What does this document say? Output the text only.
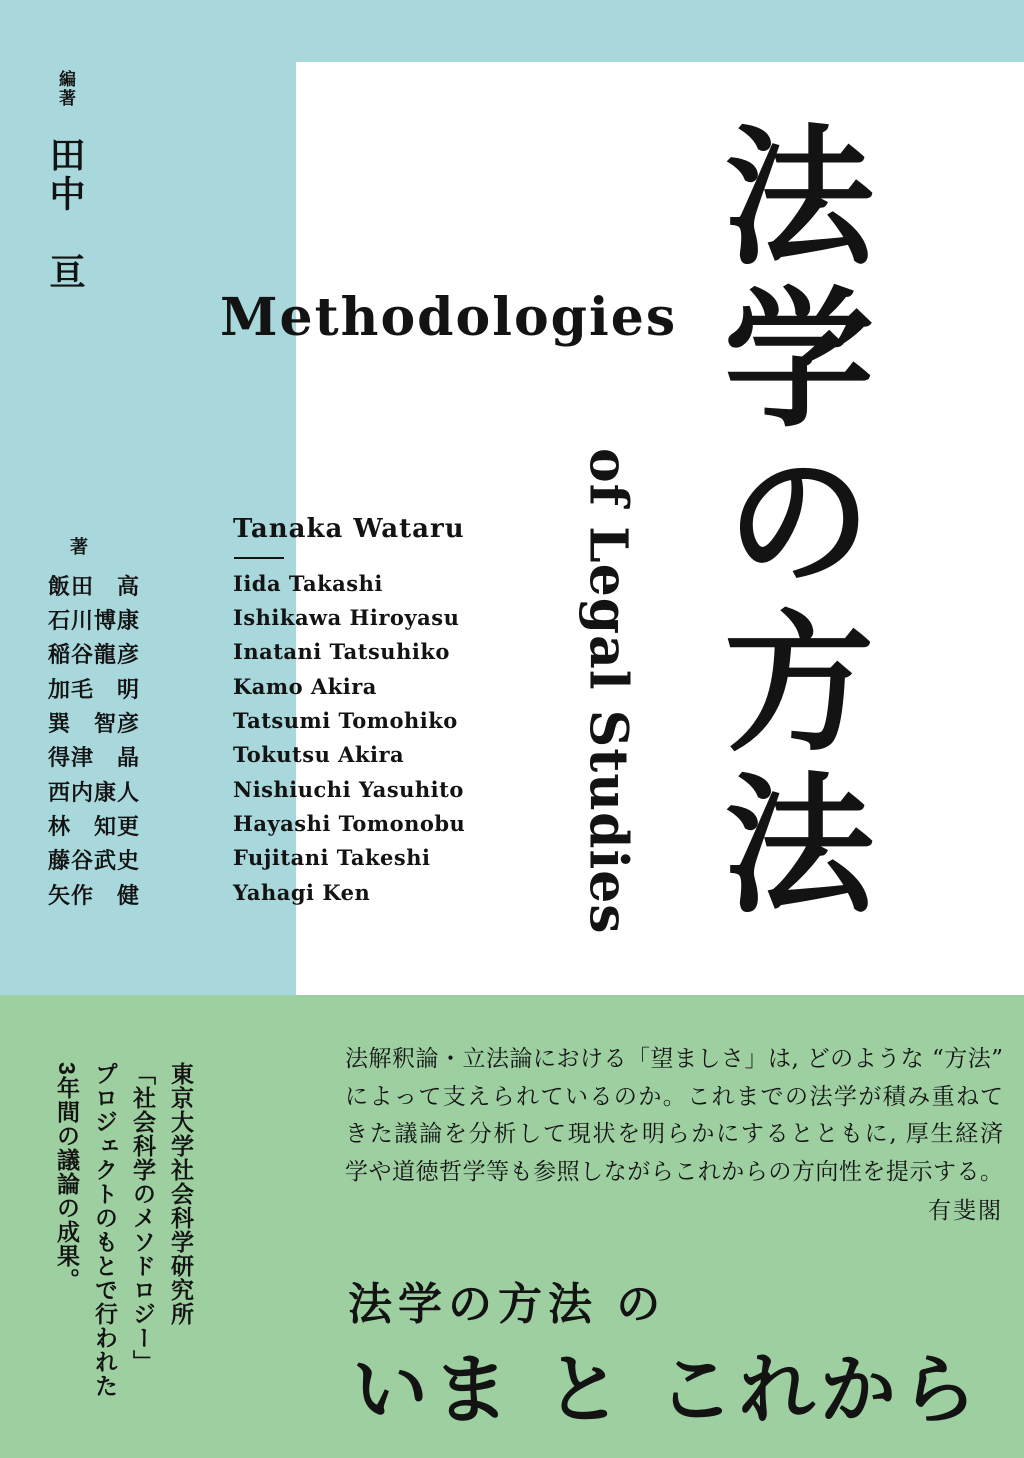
編著 田中　亘
Methodologies 法学の方法
of Legal Studies
Tanaka Wataru
著
飯田　高	Iida Takashi
石川博康	Ishikawa Hiroyasu
稲谷龍彦	Inatani Tatsuhiko
加毛　明	Kamo Akira
巽　智彦	Tatsumi Tomohiko
得津　晶	Tokutsu Akira
西内康人	Nishiuchi Yasuhito
林　知更	Hayashi Tomonobu
藤谷武史	Fujitani Takeshi
矢作　健	Yahagi Ken
東京大学社会科学研究所
「社会科学のメソドロジー」
プロジェクトのもとで行われた
3年間の議論の成果。
法解釈論・立法論における「望ましさ」は, どのような “方法”
によって支えられているのか。これまでの法学が積み重ねて
きた議論を分析して現状を明らかにするとともに, 厚生経済
学や道徳哲学等も参照しながらこれからの方向性を提示する。
有斐閣
法学の方法 の
いま と これから
